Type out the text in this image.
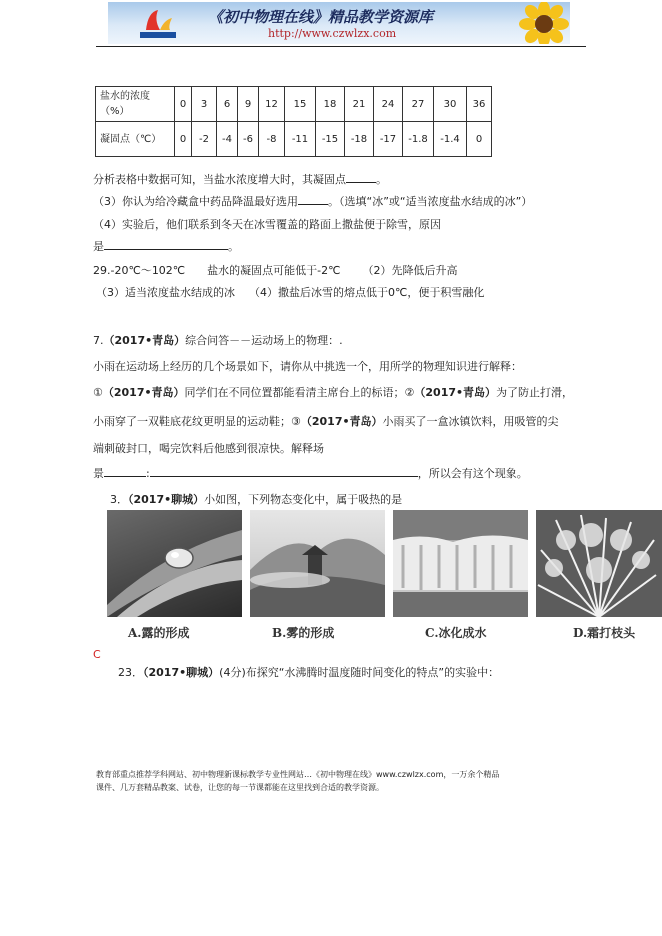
《初中物理在线》精品教学资源库
http://www.czwlzx.com
盐水的浓度
（%）	0	3	6	9	12	15	18	21	24	27	30	36
凝固点（℃）	0	-2	-4	-6	-8	-11	-15	-18	-17	-1.8	-1.4	0
分析表格中数据可知，当盐水浓度增大时，其凝固点	。
（3）你认为给冷藏盒中药品降温最好选用	。（选填“冰”或“适当浓度盐水结成的冰”）
（4）实验后，他们联系到冬天在冰雪覆盖的路面上撒盐便于除雪，原因
是	。
29.-20℃～102℃ 盐水的凝固点可能低于-2℃ （2）先降低后升高
（3）适当浓度盐水结成的冰 （4）撒盐后冰雪的熔点低于0℃，便于积雪融化
7.（2017•青岛）综合问答－－运动场上的物理：.
小雨在运动场上经历的几个场景如下，请你从中挑选一个，用所学的物理知识进行解释：
①（2017•青岛）同学们在不同位置都能看清主席台上的标语；②（2017•青岛）为了防止打滑，
小雨穿了一双鞋底花纹更明显的运动鞋；③（2017•青岛）小雨买了一盒冰镇饮料，用吸管的尖
端刺破封口，喝完饮料后他感到很凉快。解释场
景	:	，所以会有这个现象。
3．（2017•聊城）小如图，下列物态变化中，属于吸热的是
A.露的形成	B.雾的形成	C.冰化成水	D.霜打枝头
C
23．（2017•聊城）(4分)布探究“水沸腾时温度随时间变化的特点”的实验中：
教育部重点推荐学科网站、初中物理新课标教学专业性网站…《初中物理在线》www.czwlzx.com，一万余个精品
课件、几万套精品教案、试卷，让您的每一节课都能在这里找到合适的教学资源。
